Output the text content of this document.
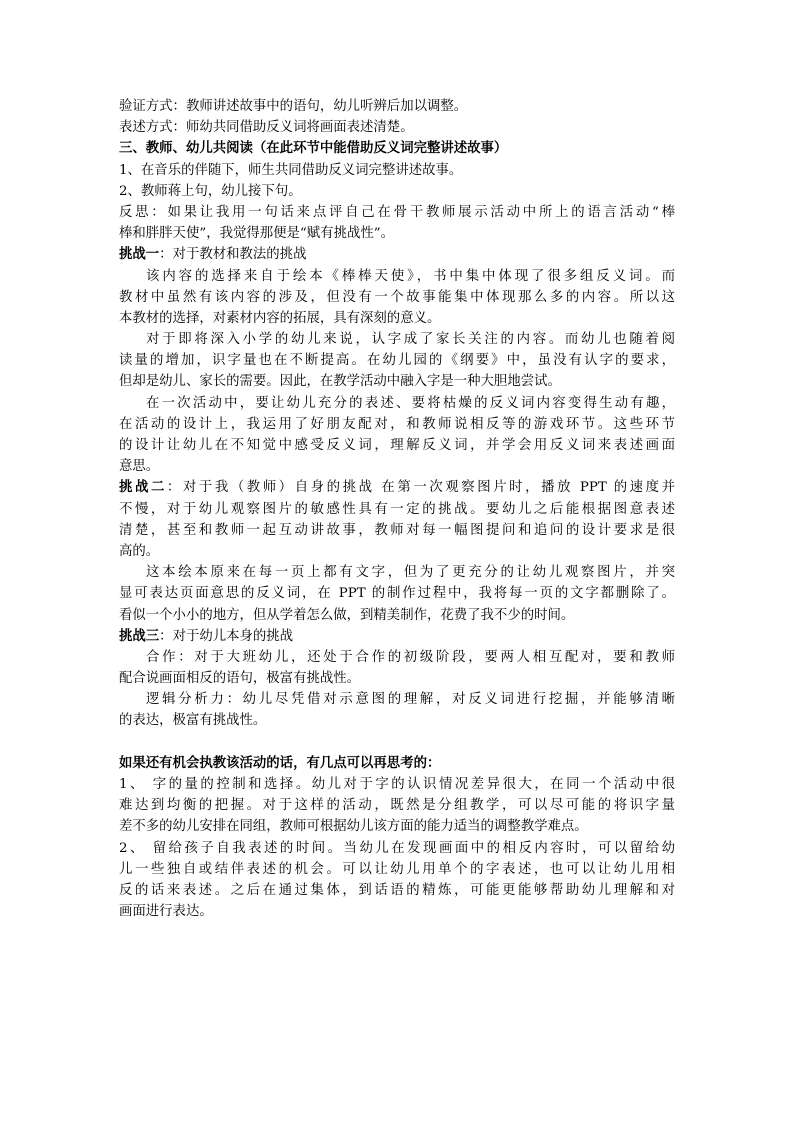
验证方式：教师讲述故事中的语句，幼儿听辨后加以调整。
表述方式：师幼共同借助反义词将画面表述清楚。
三、教师、幼儿共阅读（在此环节中能借助反义词完整讲述故事）
1、在音乐的伴随下，师生共同借助反义词完整讲述故事。
2、教师蒋上句，幼儿接下句。
反思：如果让我用一句话来点评自己在骨干教师展示活动中所上的语言活动“棒
棒和胖胖天使”，我觉得那便是“赋有挑战性”。
挑战一：对于教材和教法的挑战
该内容的选择来自于绘本《棒棒天使》，书中集中体现了很多组反义词。而
教材中虽然有该内容的涉及，但没有一个故事能集中体现那么多的内容。所以这
本教材的选择，对素材内容的拓展，具有深刻的意义。
对于即将深入小学的幼儿来说，认字成了家长关注的内容。而幼儿也随着阅
读量的增加，识字量也在不断提高。在幼儿园的《纲要》中，虽没有认字的要求，
但却是幼儿、家长的需要。因此，在教学活动中融入字是一种大胆地尝试。
在一次活动中，要让幼儿充分的表述、要将枯燥的反义词内容变得生动有趣，
在活动的设计上，我运用了好朋友配对，和教师说相反等的游戏环节。这些环节
的设计让幼儿在不知觉中感受反义词，理解反义词，并学会用反义词来表述画面
意思。
挑战二：对于我（教师）自身的挑战 在第一次观察图片时，播放 PPT 的速度并
不慢，对于幼儿观察图片的敏感性具有一定的挑战。要幼儿之后能根据图意表述
清楚，甚至和教师一起互动讲故事，教师对每一幅图提问和追问的设计要求是很
高的。
这本绘本原来在每一页上都有文字，但为了更充分的让幼儿观察图片，并突
显可表达页面意思的反义词，在 PPT 的制作过程中，我将每一页的文字都删除了。
看似一个小小的地方，但从学着怎么做，到精美制作，花费了我不少的时间。
挑战三：对于幼儿本身的挑战
合作：对于大班幼儿，还处于合作的初级阶段，要两人相互配对，要和教师
配合说画面相反的语句，极富有挑战性。
逻辑分析力：幼儿尽凭借对示意图的理解，对反义词进行挖掘，并能够清晰
的表达，极富有挑战性。
如果还有机会执教该活动的话，有几点可以再思考的：
1、 字的量的控制和选择。幼儿对于字的认识情况差异很大，在同一个活动中很
难达到均衡的把握。对于这样的活动，既然是分组教学，可以尽可能的将识字量
差不多的幼儿安排在同组，教师可根据幼儿该方面的能力适当的调整教学难点。
2、 留给孩子自我表述的时间。当幼儿在发现画面中的相反内容时，可以留给幼
儿一些独自或结伴表述的机会。可以让幼儿用单个的字表述，也可以让幼儿用相
反的话来表述。之后在通过集体，到话语的精炼，可能更能够帮助幼儿理解和对
画面进行表达。
